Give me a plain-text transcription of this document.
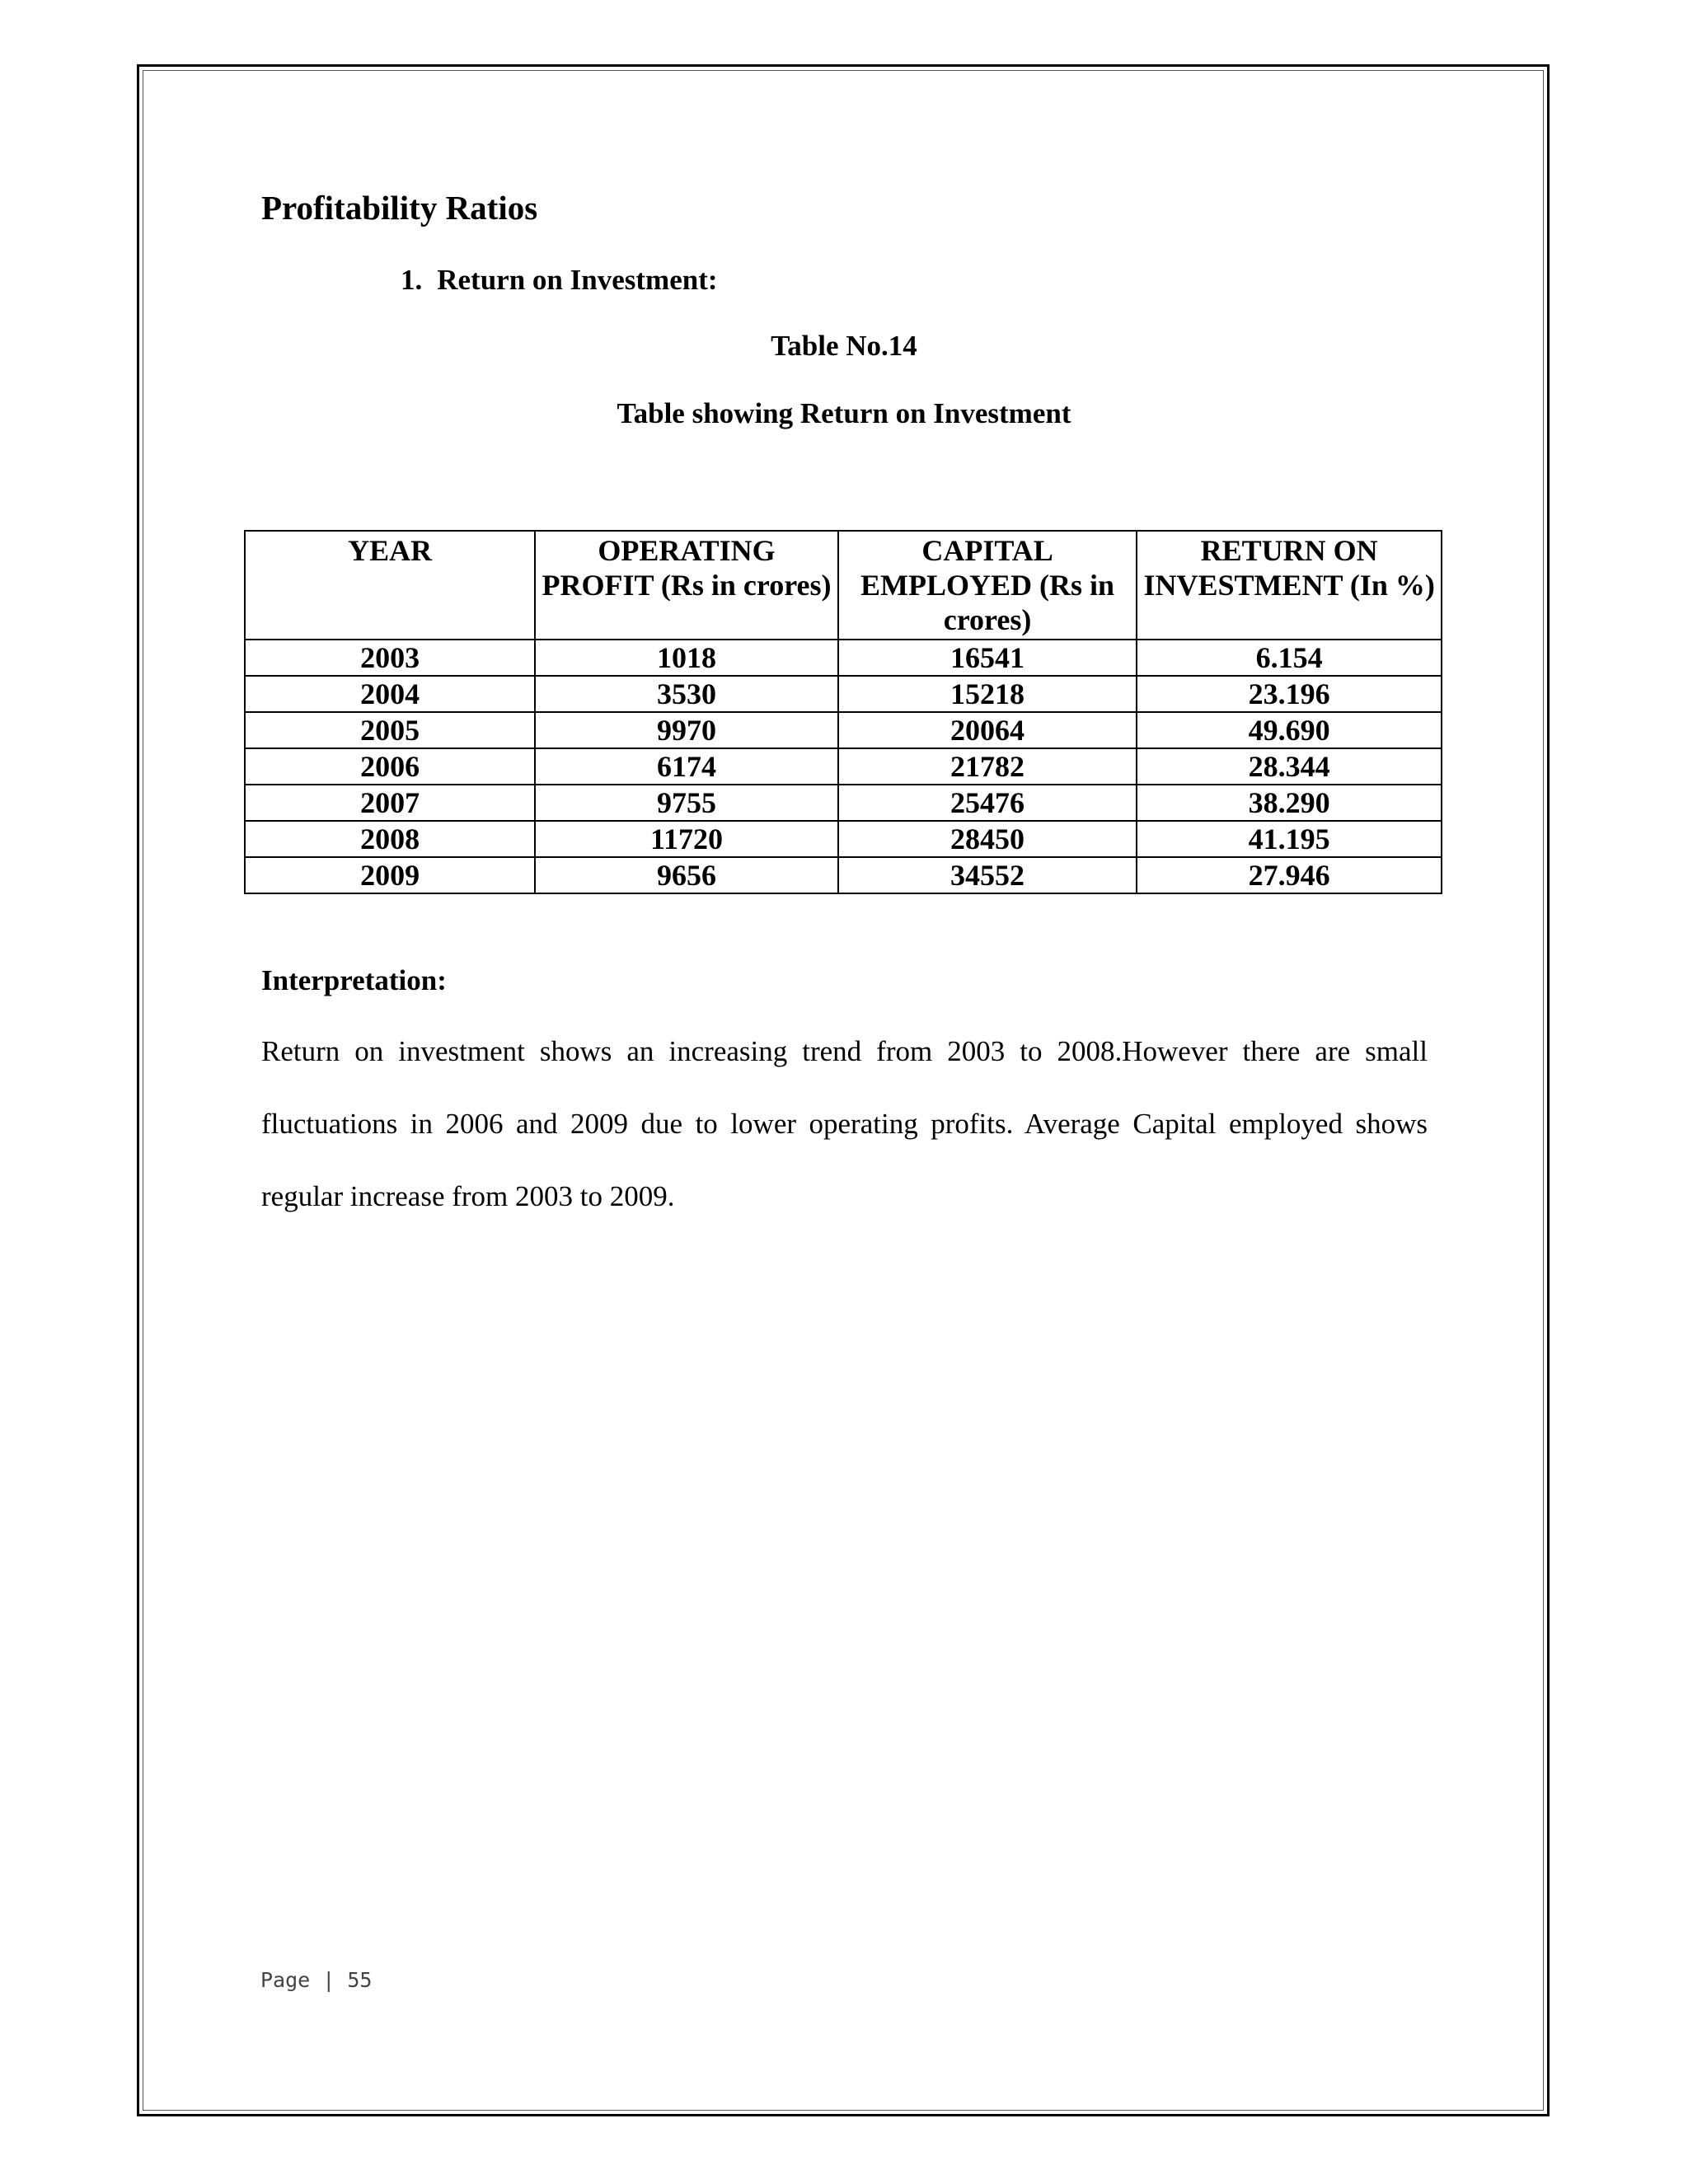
Profitability Ratios
1. Return on Investment:
Table No.14
Table showing Return on Investment
YEAR	OPERATING PROFIT (Rs in crores)	CAPITAL EMPLOYED (Rs in crores)	RETURN ON INVESTMENT (In %)
2003	1018	16541	6.154
2004	3530	15218	23.196
2005	9970	20064	49.690
2006	6174	21782	28.344
2007	9755	25476	38.290
2008	11720	28450	41.195
2009	9656	34552	27.946
Interpretation:

Return on investment shows an increasing trend from 2003 to 2008.However there are small fluctuations in 2006 and 2009 due to lower operating profits. Average Capital employed shows regular increase from 2003 to 2009.

Page | 55
